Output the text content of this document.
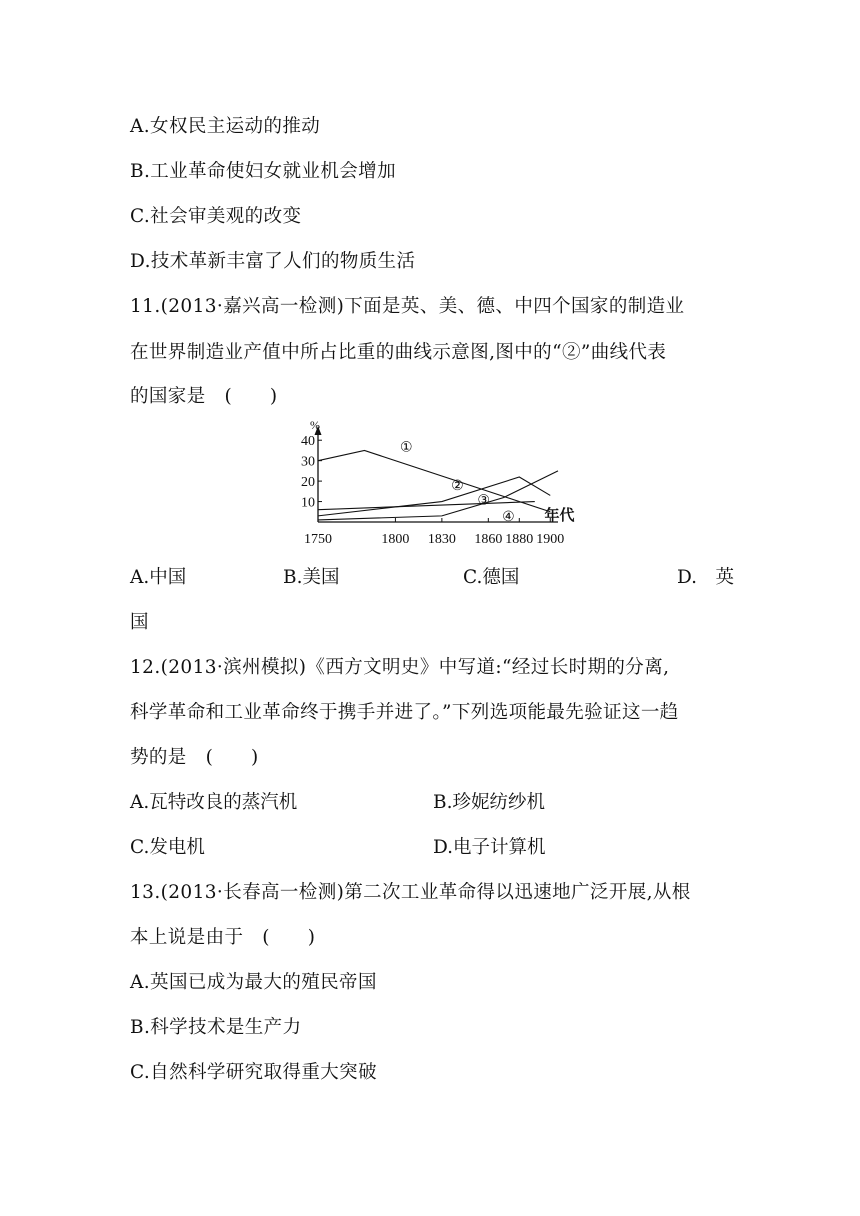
A.女权民主运动的推动
B.工业革命使妇女就业机会增加
C.社会审美观的改变
D.技术革新丰富了人们的物质生活
11.(2013·嘉兴高一检测)下面是英、美、德、中四个国家的制造业
在世界制造业产值中所占比重的曲线示意图,图中的“②”曲线代表
的国家是　(　　)
%
10
20
30
40
1750	1800 1830 1860 1880 1900
年代
①
②
③
④
A.中国	B.美国	C.德国	D.　英
国
12.(2013·滨州模拟)《西方文明史》中写道:“经过长时期的分离,
科学革命和工业革命终于携手并进了。”下列选项能最先验证这一趋
势的是　(　　)
A.瓦特改良的蒸汽机	B.珍妮纺纱机
C.发电机	D.电子计算机
13.(2013·长春高一检测)第二次工业革命得以迅速地广泛开展,从根
本上说是由于　(　　)
A.英国已成为最大的殖民帝国
B.科学技术是生产力
C.自然科学研究取得重大突破
